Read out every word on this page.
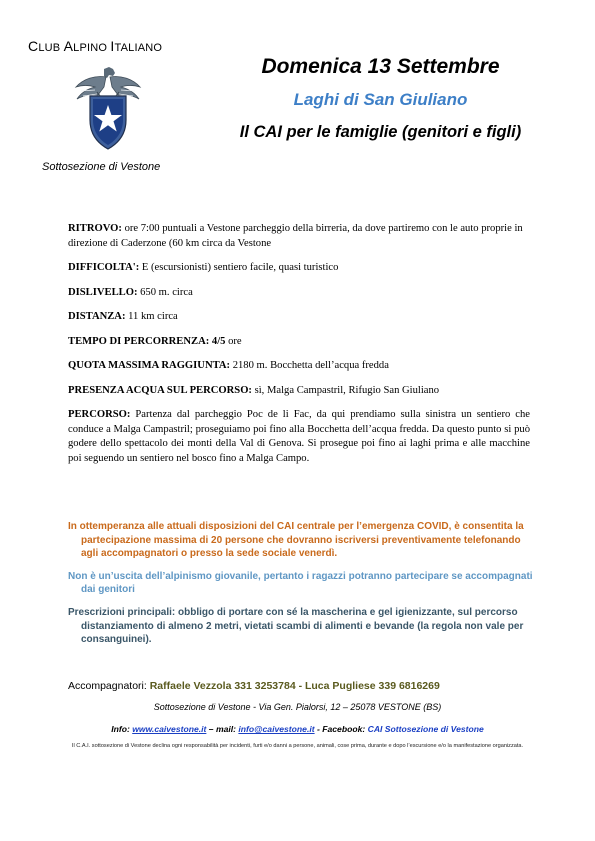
CLUB ALPINO ITALIANO
Sottosezione di Vestone
Domenica 13 Settembre
Laghi di San Giuliano
Il CAI per le famiglie (genitori e figli)
RITROVO: ore 7:00 puntuali a Vestone parcheggio della birreria, da dove partiremo con le auto proprie in direzione di Caderzone (60 km circa da Vestone
DIFFICOLTA': E (escursionisti) sentiero facile, quasi turistico
DISLIVELLO: 650 m. circa
DISTANZA: 11 km circa
TEMPO DI PERCORRENZA: 4/5 ore
QUOTA MASSIMA RAGGIUNTA: 2180 m. Bocchetta dell’acqua fredda
PRESENZA ACQUA SUL PERCORSO: sì, Malga Campastril, Rifugio San Giuliano
PERCORSO: Partenza dal parcheggio Poc de li Fac, da qui prendiamo sulla sinistra un sentiero che conduce a Malga Campastril; proseguiamo poi fino alla Bocchetta dell’acqua fredda. Da questo punto si può godere dello spettacolo dei monti della Val di Genova. Si prosegue poi fino ai laghi prima e alle macchine poi seguendo un sentiero nel bosco fino a Malga Campo.
In ottemperanza alle attuali disposizioni del CAI centrale per l’emergenza COVID, è consentita la partecipazione massima di 20 persone che dovranno iscriversi preventivamente telefonando agli accompagnatori o presso la sede sociale venerdì.
Non è un’uscita dell’alpinismo giovanile, pertanto i ragazzi potranno partecipare se accompagnati dai genitori
Prescrizioni principali: obbligo di portare con sé la mascherina e gel igienizzante, sul percorso distanziamento di almeno 2 metri, vietati scambi di alimenti e bevande (la regola non vale per consanguinei).
Accompagnatori: Raffaele Vezzola 331 3253784 - Luca Pugliese 339 6816269
Sottosezione di Vestone - Via Gen. Pialorsi, 12 – 25078 VESTONE (BS)
Info: www.caivestone.it – mail: info@caivestone.it - Facebook: CAI Sottosezione di Vestone
Il C.A.I. sottosezione di Vestone declina ogni responsabilità per incidenti, furti e/o danni a persone, animali, cose prima, durante e dopo l’escursione e/o la manifestazione organizzata.
